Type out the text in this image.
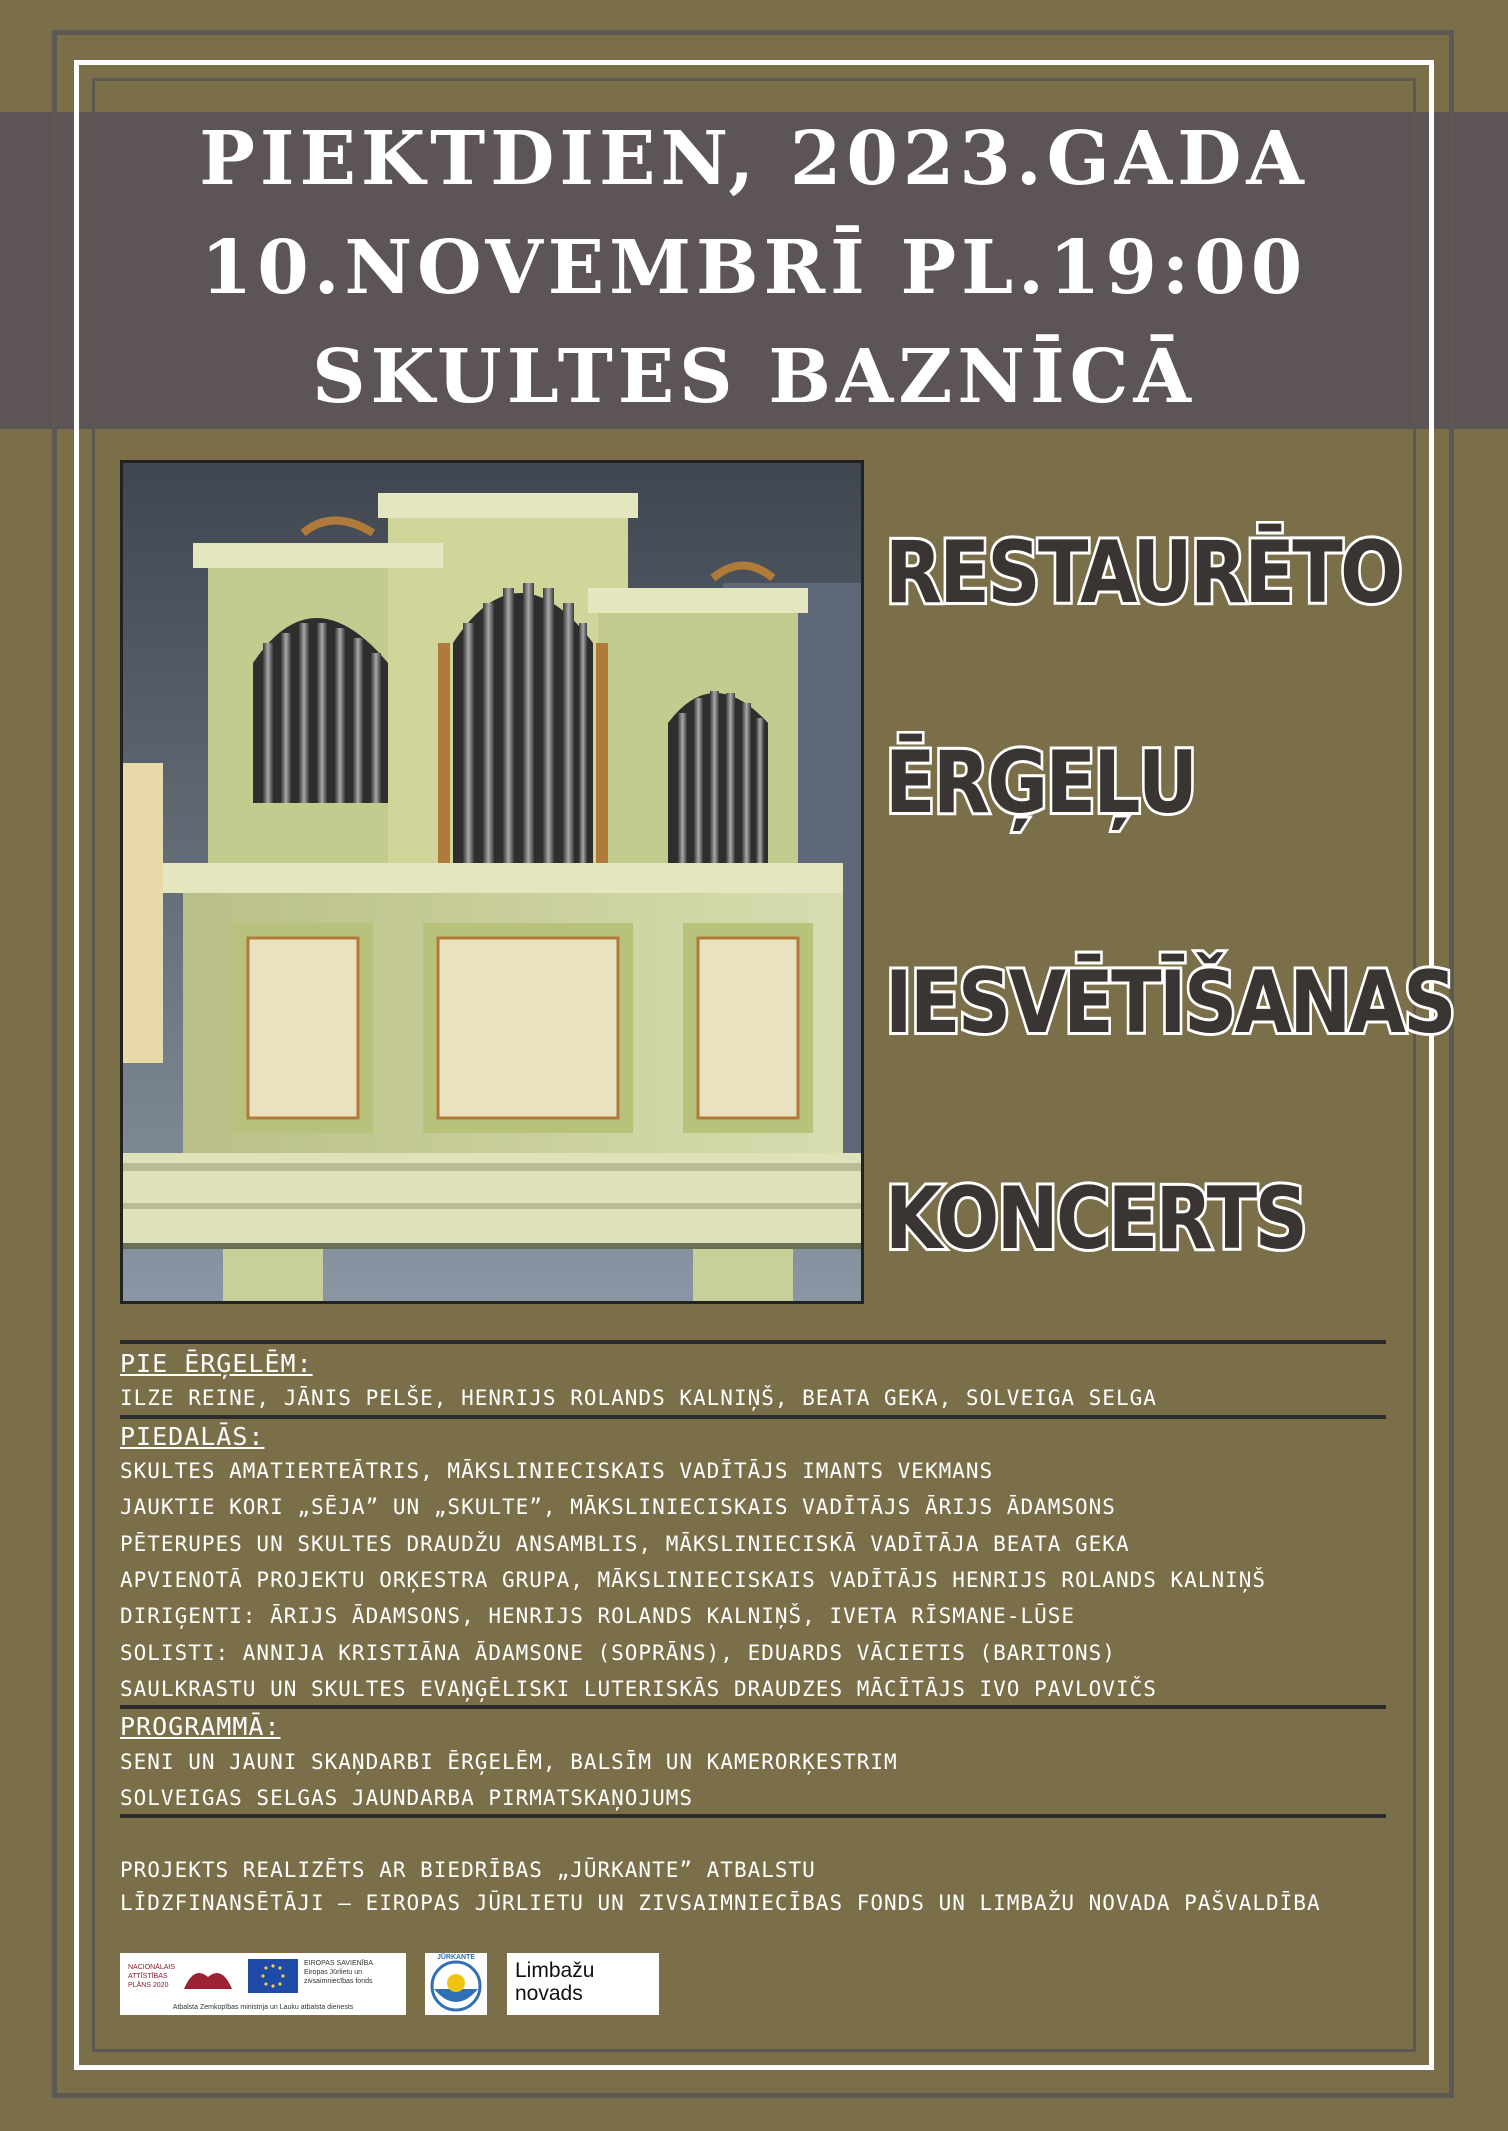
PIEKTDIEN, 2023.GADA
10.NOVEMBRĪ PL.19:00
SKULTES BAZNĪCĀ
RESTAURĒTO
ĒRĢEĻU
IESVĒTĪŠANAS
KONCERTS
PIE ĒRĢELĒM:
ILZE REINE, JĀNIS PELŠE, HENRIJS ROLANDS KALNIŅŠ, BEATA GEKA, SOLVEIGA SELGA
PIEDALĀS:
SKULTES AMATIERTEĀTRIS, MĀKSLINIECISKAIS VADĪTĀJS IMANTS VEKMANS
JAUKTIE KORI „SĒJA” UN „SKULTE”, MĀKSLINIECISKAIS VADĪTĀJS ĀRIJS ĀDAMSONS
PĒTERUPES UN SKULTES DRAUDŽU ANSAMBLIS, MĀKSLINIECISKĀ VADĪTĀJA BEATA GEKA
APVIENOTĀ PROJEKTU ORĶESTRA GRUPA, MĀKSLINIECISKAIS VADĪTĀJS HENRIJS ROLANDS KALNIŅŠ
DIRIĢENTI: ĀRIJS ĀDAMSONS, HENRIJS ROLANDS KALNIŅŠ, IVETA RĪSMANE-LŪSE
SOLISTI: ANNIJA KRISTIĀNA ĀDAMSONE (SOPRĀNS), EDUARDS VĀCIETIS (BARITONS)
SAULKRASTU UN SKULTES EVAŅĢĒLISKI LUTERISKĀS DRAUDZES MĀCĪTĀJS IVO PAVLOVIČS
PROGRAMMĀ:
SENI UN JAUNI SKAŅDARBI ĒRĢELĒM, BALSĪM UN KAMERORĶESTRIM
SOLVEIGAS SELGAS JAUNDARBA PIRMATSKAŅOJUMS
PROJEKTS REALIZĒTS AR BIEDRĪBAS „JŪRKANTE” ATBALSTU
LĪDZFINANSĒTĀJI – EIROPAS JŪRLIETU UN ZIVSAIMNIECĪBAS FONDS UN LIMBAŽU NOVADA PAŠVALDĪBA
NACIONĀLAIS
ATTĪSTĪBAS
PLĀNS 2020
EIROPAS SAVIENĪBA
Eiropas Jūrlietu un
zivsaimniecības fonds
Atbalsta Zemkopības ministrija un Lauku atbalsta dienests
JŪRKANTE
Limbažu
novads
